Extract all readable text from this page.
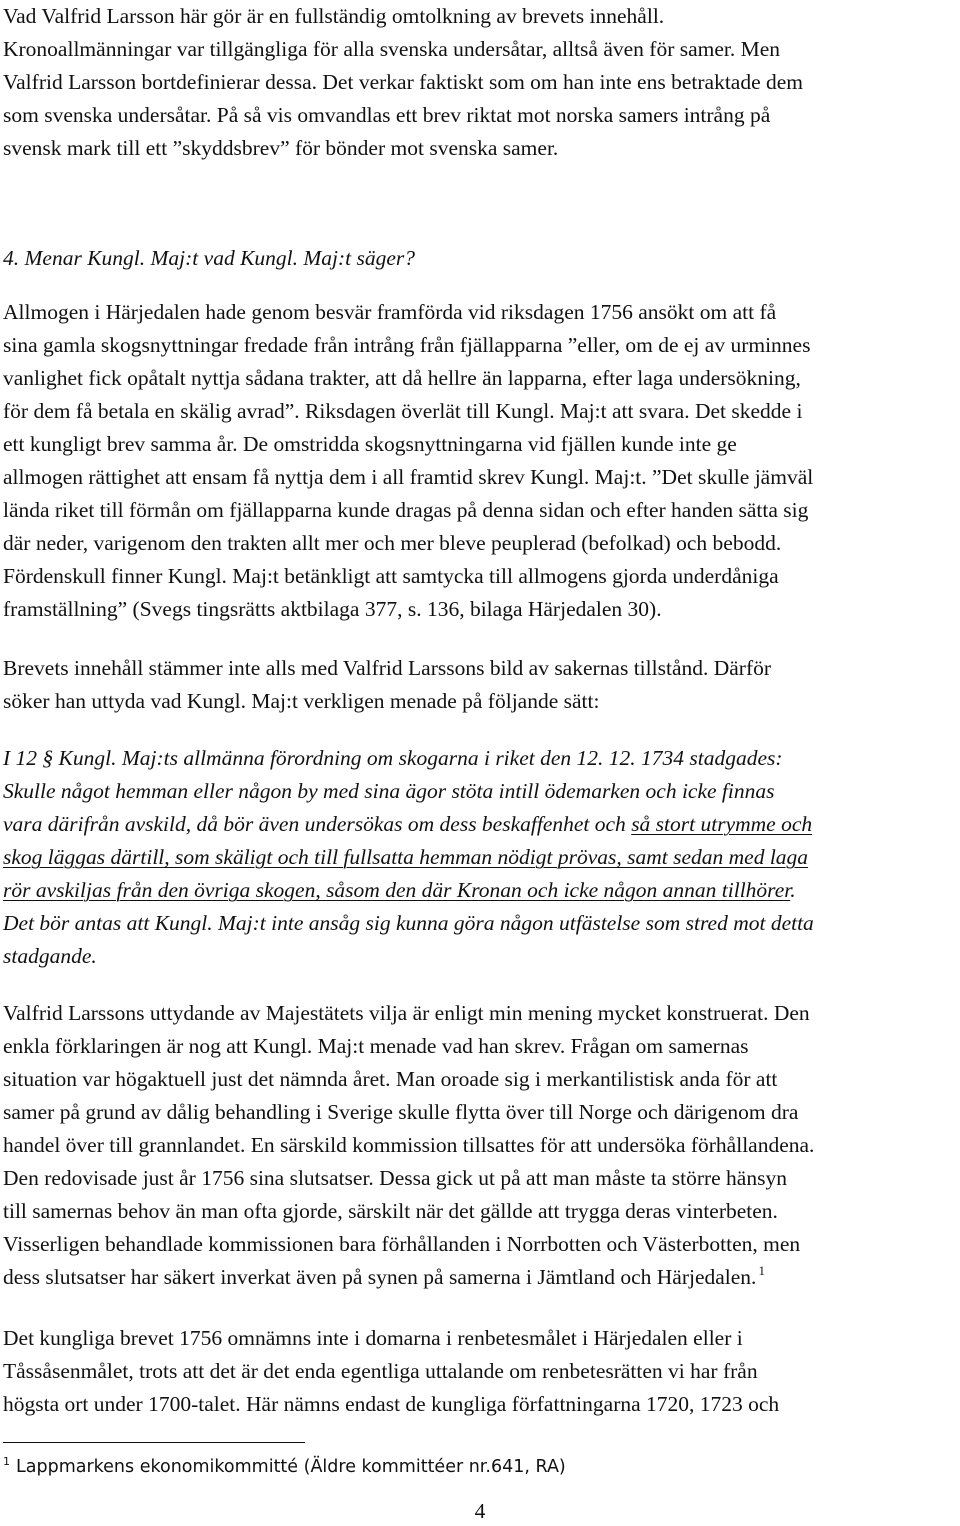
Vad Valfrid Larsson här gör är en fullständig omtolkning av brevets innehåll.
Kronoallmänningar var tillgängliga för alla svenska undersåtar, alltså även för samer. Men
Valfrid Larsson bortdefinierar dessa. Det verkar faktiskt som om han inte ens betraktade dem
som svenska undersåtar. På så vis omvandlas ett brev riktat mot norska samers intrång på
svensk mark till ett ”skyddsbrev” för bönder mot svenska samer.

4. Menar Kungl. Maj:t vad Kungl. Maj:t säger?

Allmogen i Härjedalen hade genom besvär framförda vid riksdagen 1756 ansökt om att få
sina gamla skogsnyttningar fredade från intrång från fjällapparna ”eller, om de ej av urminnes
vanlighet fick opåtalt nyttja sådana trakter, att då hellre än lapparna, efter laga undersökning,
för dem få betala en skälig avrad”. Riksdagen överlät till Kungl. Maj:t att svara. Det skedde i
ett kungligt brev samma år. De omstridda skogsnyttningarna vid fjällen kunde inte ge
allmogen rättighet att ensam få nyttja dem i all framtid skrev Kungl. Maj:t. ”Det skulle jämväl
lända riket till förmån om fjällapparna kunde dragas på denna sidan och efter handen sätta sig
där neder, varigenom den trakten allt mer och mer bleve peuplerad (befolkad) och bebodd.
Fördenskull finner Kungl. Maj:t betänkligt att samtycka till allmogens gjorda underdåniga
framställning” (Svegs tingsrätts aktbilaga 377, s. 136, bilaga Härjedalen 30).

Brevets innehåll stämmer inte alls med Valfrid Larssons bild av sakernas tillstånd. Därför
söker han uttyda vad Kungl. Maj:t verkligen menade på följande sätt:

I 12 § Kungl. Maj:ts allmänna förordning om skogarna i riket den 12. 12. 1734 stadgades:
Skulle något hemman eller någon by med sina ägor stöta intill ödemarken och icke finnas
vara därifrån avskild, då bör även undersökas om dess beskaffenhet och så stort utrymme och
skog läggas därtill, som skäligt och till fullsatta hemman nödigt prövas, samt sedan med laga
rör avskiljas från den övriga skogen, såsom den där Kronan och icke någon annan tillhörer.
Det bör antas att Kungl. Maj:t inte ansåg sig kunna göra någon utfästelse som stred mot detta
stadgande.

Valfrid Larssons uttydande av Majestätets vilja är enligt min mening mycket konstruerat. Den
enkla förklaringen är nog att Kungl. Maj:t menade vad han skrev. Frågan om samernas
situation var högaktuell just det nämnda året. Man oroade sig i merkantilistisk anda för att
samer på grund av dålig behandling i Sverige skulle flytta över till Norge och därigenom dra
handel över till grannlandet. En särskild kommission tillsattes för att undersöka förhållandena.
Den redovisade just år 1756 sina slutsatser. Dessa gick ut på att man måste ta större hänsyn
till samernas behov än man ofta gjorde, särskilt när det gällde att trygga deras vinterbeten.
Visserligen behandlade kommissionen bara förhållanden i Norrbotten och Västerbotten, men
dess slutsatser har säkert inverkat även på synen på samerna i Jämtland och Härjedalen. $^1$

Det kungliga brevet 1756 omnämns inte i domarna i renbetesmålet i Härjedalen eller i
Tåssåsenmålet, trots att det är det enda egentliga uttalande om renbetesrätten vi har från
högsta ort under 1700-talet. Här nämns endast de kungliga författningarna 1720, 1723 och

$^1$ Lappmarkens ekonomikommitté (Äldre kommittéer nr.641, RA)
4
